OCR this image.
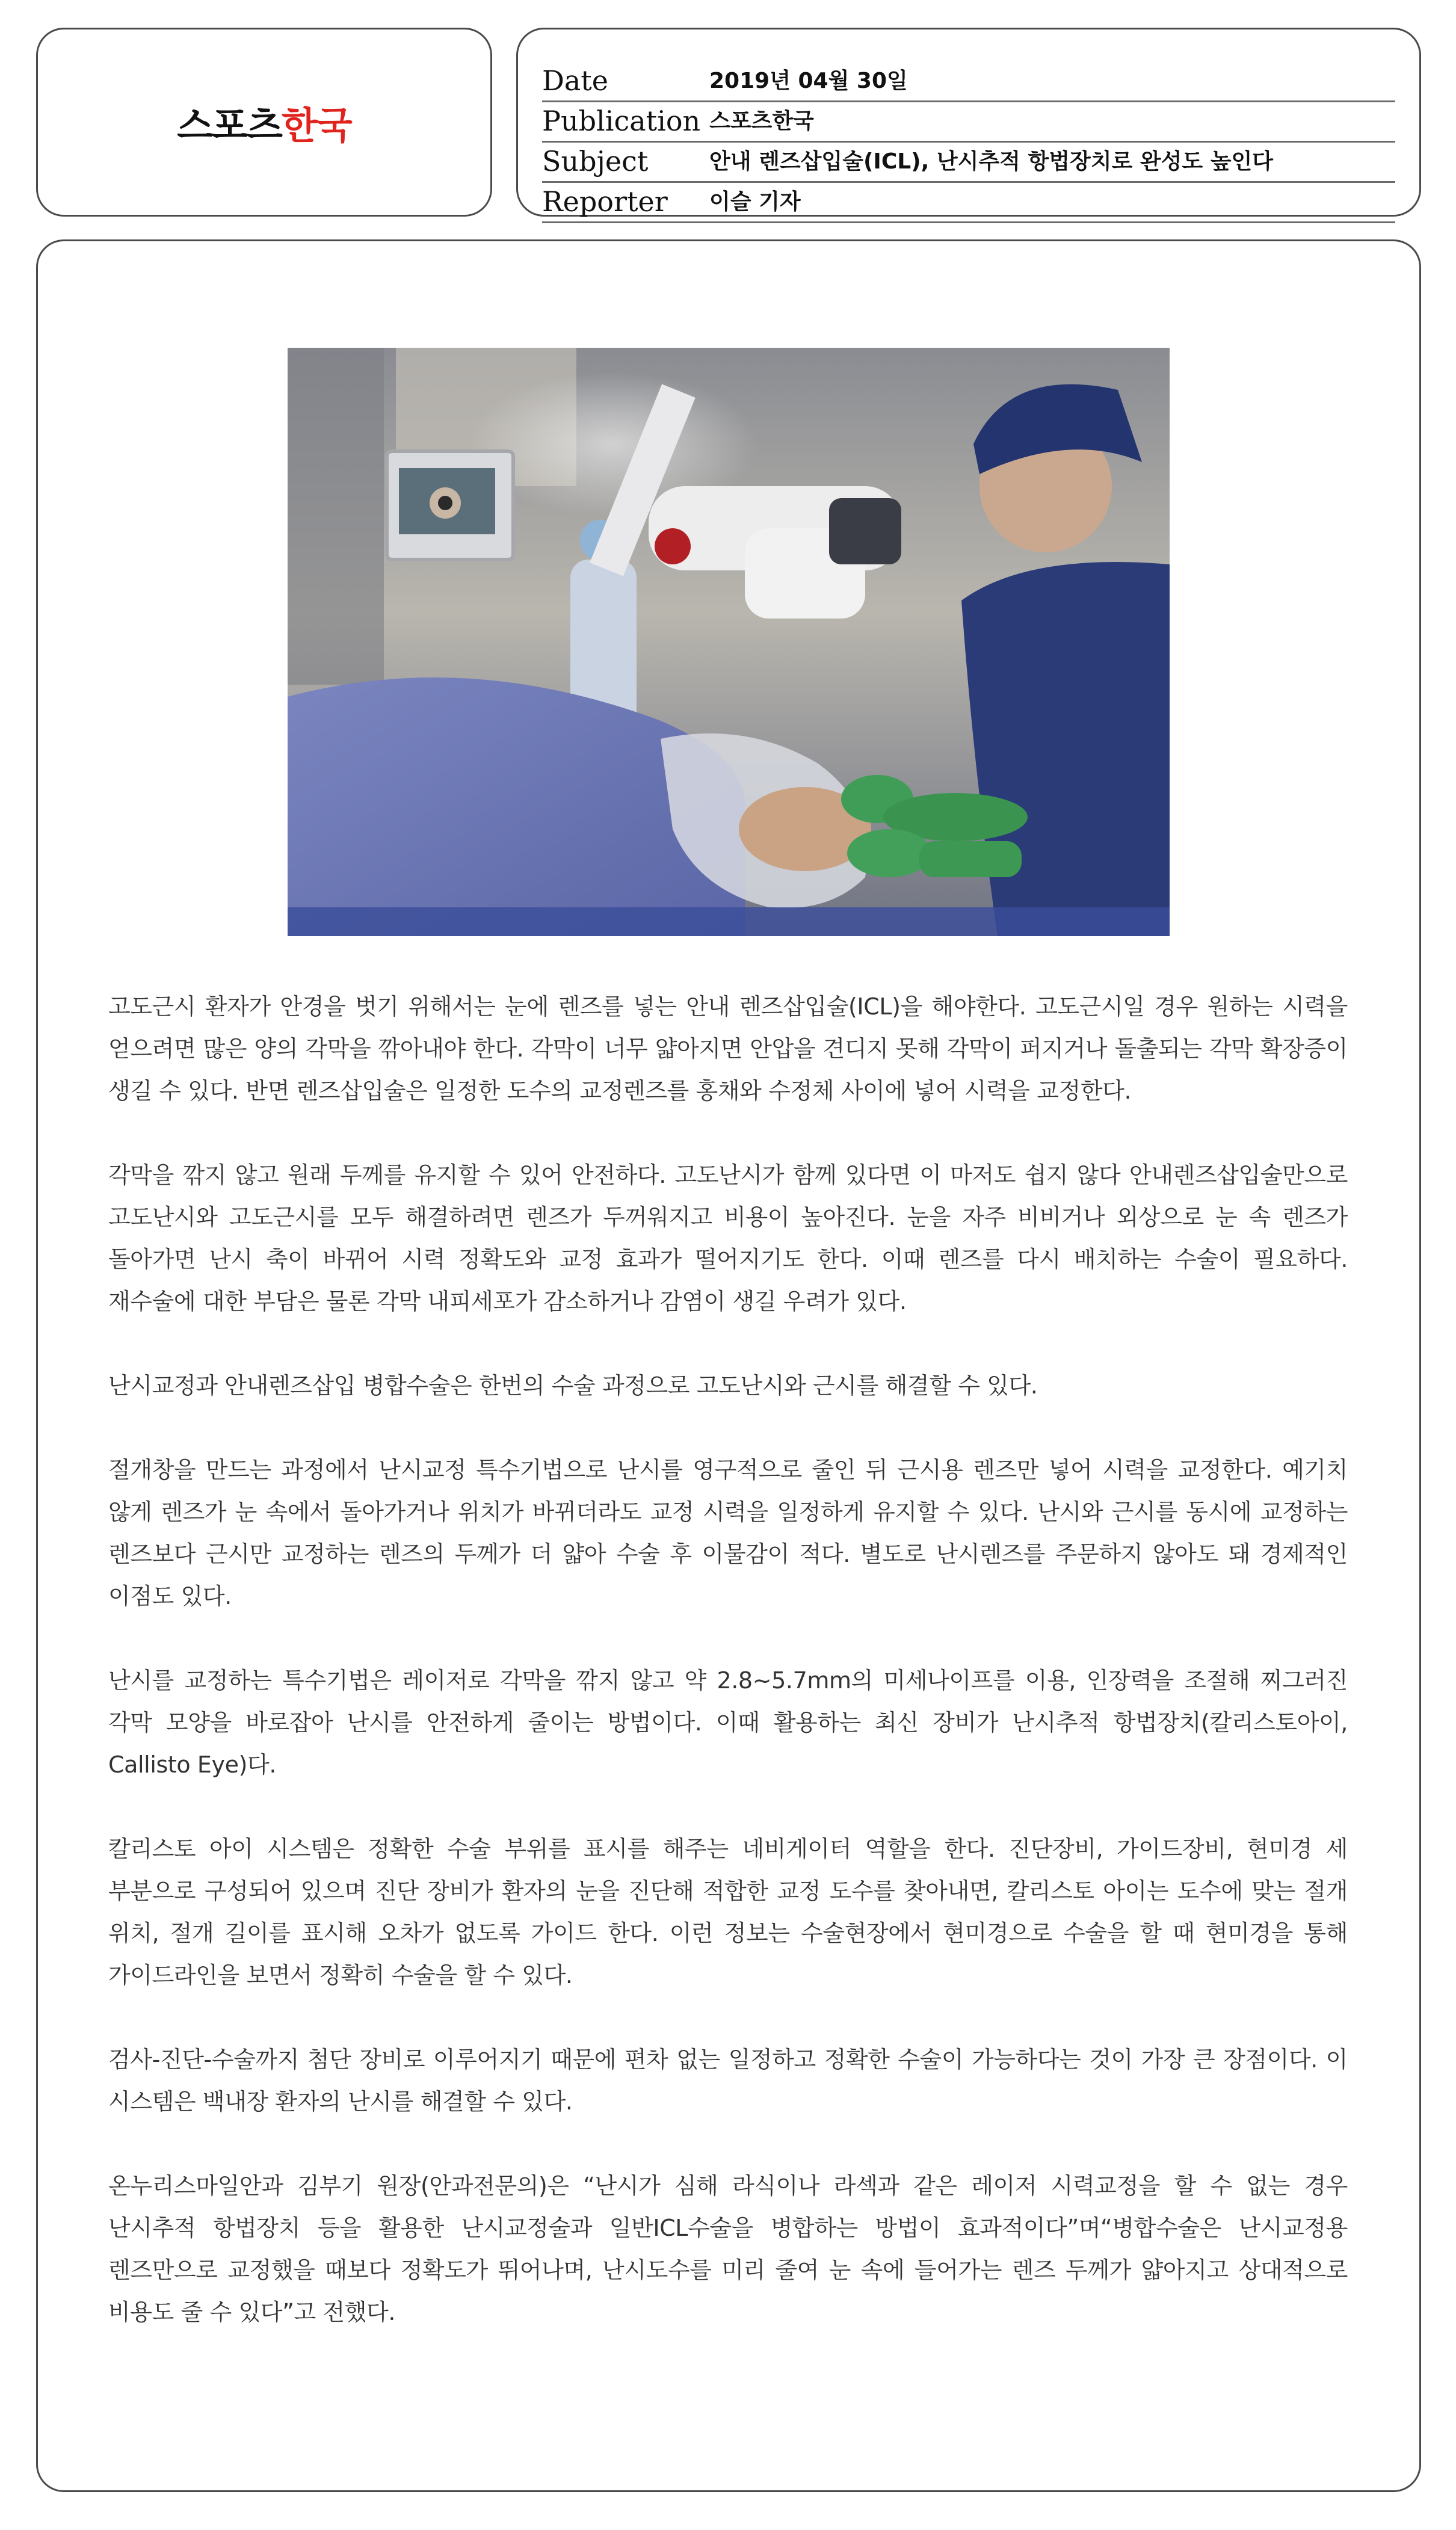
스포츠 한국
Date	2019년 04월 30일
Publication 스포츠한국
Subject	안내 렌즈삽입술(ICL), 난시추적 항법장치로 완성도 높인다
Reporter 이슬 기자

고도근시 환자가 안경을 벗기 위해서는 눈에 렌즈를 넣는 안내 렌즈삽입술(ICL)을 해야한다. 고도근시일 경우 원하는 시력을 얻으려면 많은 양의 각막을 깎아내야 한다. 각막이 너무 얇아지면 안압을 견디지 못해 각막이 퍼지거나 돌출되는 각막 확장증이 생길 수 있다. 반면 렌즈삽입술은 일정한 도수의 교정렌즈를 홍채와 수정체 사이에 넣어 시력을 교정한다.

각막을 깎지 않고 원래 두께를 유지할 수 있어 안전하다. 고도난시가 함께 있다면 이 마저도 쉽지 않다 안내렌즈삽입술만으로 고도난시와 고도근시를 모두 해결하려면 렌즈가 두꺼워지고 비용이 높아진다. 눈을 자주 비비거나 외상으로 눈 속 렌즈가 돌아가면 난시 축이 바뀌어 시력 정확도와 교정 효과가 떨어지기도 한다. 이때 렌즈를 다시 배치하는 수술이 필요하다. 재수술에 대한 부담은 물론 각막 내피세포가 감소하거나 감염이 생길 우려가 있다.

난시교정과 안내렌즈삽입 병합수술은 한번의 수술 과정으로 고도난시와 근시를 해결할 수 있다.

절개창을 만드는 과정에서 난시교정 특수기법으로 난시를 영구적으로 줄인 뒤 근시용 렌즈만 넣어 시력을 교정한다. 예기치 않게 렌즈가 눈 속에서 돌아가거나 위치가 바뀌더라도 교정 시력을 일정하게 유지할 수 있다. 난시와 근시를 동시에 교정하는 렌즈보다 근시만 교정하는 렌즈의 두께가 더 얇아 수술 후 이물감이 적다. 별도로 난시렌즈를 주문하지 않아도 돼 경제적인 이점도 있다.

난시를 교정하는 특수기법은 레이저로 각막을 깎지 않고 약 2.8~5.7mm의 미세나이프를 이용, 인장력을 조절해 찌그러진 각막 모양을 바로잡아 난시를 안전하게 줄이는 방법이다. 이때 활용하는 최신 장비가 난시추적 항법장치(칼리스토아이, Callisto Eye)다.

칼리스토 아이 시스템은 정확한 수술 부위를 표시를 해주는 네비게이터 역할을 한다. 진단장비, 가이드장비, 현미경 세 부분으로 구성되어 있으며 진단 장비가 환자의 눈을 진단해 적합한 교정 도수를 찾아내면, 칼리스토 아이는 도수에 맞는 절개 위치, 절개 길이를 표시해 오차가 없도록 가이드 한다. 이런 정보는 수술현장에서 현미경으로 수술을 할 때 현미경을 통해 가이드라인을 보면서 정확히 수술을 할 수 있다.

검사-진단-수술까지 첨단 장비로 이루어지기 때문에 편차 없는 일정하고 정확한 수술이 가능하다는 것이 가장 큰 장점이다. 이 시스템은 백내장 환자의 난시를 해결할 수 있다.

온누리스마일안과 김부기 원장(안과전문의)은 “난시가 심해 라식이나 라섹과 같은 레이저 시력교정을 할 수 없는 경우 난시추적 항법장치 등을 활용한 난시교정술과 일반ICL수술을 병합하는 방법이 효과적이다”며“병합수술은 난시교정용 렌즈만으로 교정했을 때보다 정확도가 뛰어나며, 난시도수를 미리 줄여 눈 속에 들어가는 렌즈 두께가 얇아지고 상대적으로 비용도 줄 수 있다”고 전했다.
